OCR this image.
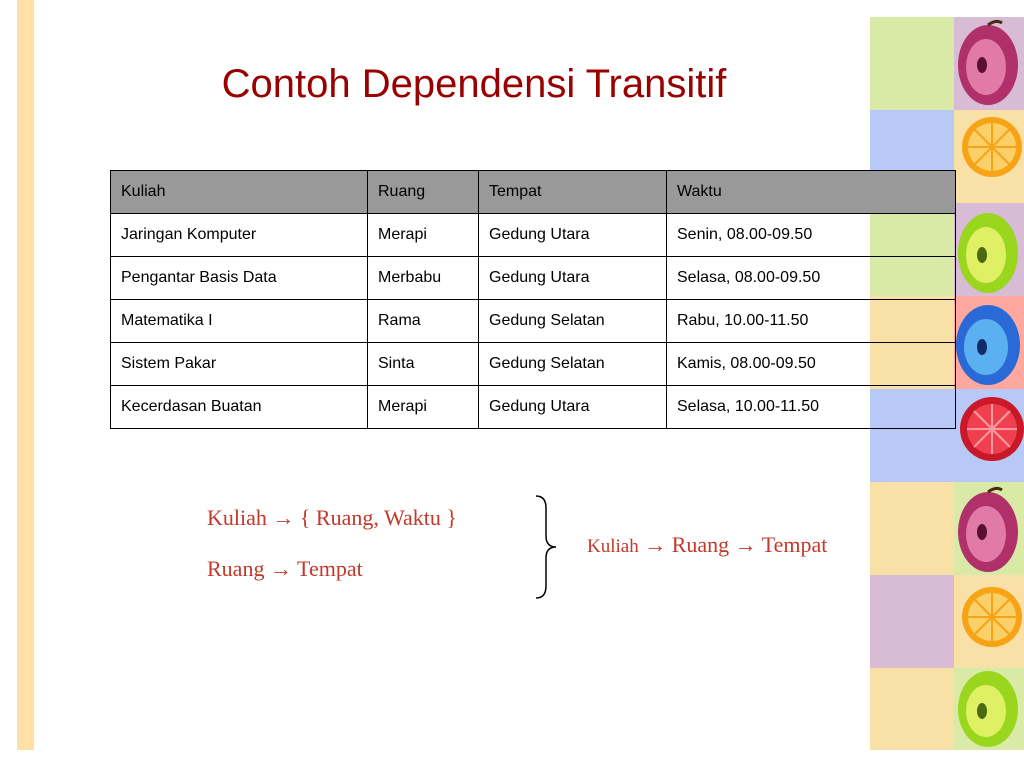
Contoh Dependensi Transitif
Kuliah	Ruang	Tempat	Waktu
Jaringan Komputer	Merapi	Gedung Utara	Senin, 08.00-09.50
Pengantar Basis Data	Merbabu	Gedung Utara	Selasa, 08.00-09.50
Matematika I	Rama	Gedung Selatan	Rabu, 10.00-11.50
Sistem Pakar	Sinta	Gedung Selatan	Kamis, 08.00-09.50
Kecerdasan Buatan	Merapi	Gedung Utara	Selasa, 10.00-11.50
Kuliah → { Ruang, Waktu }
Ruang → Tempat
Kuliah → Ruang → Tempat
